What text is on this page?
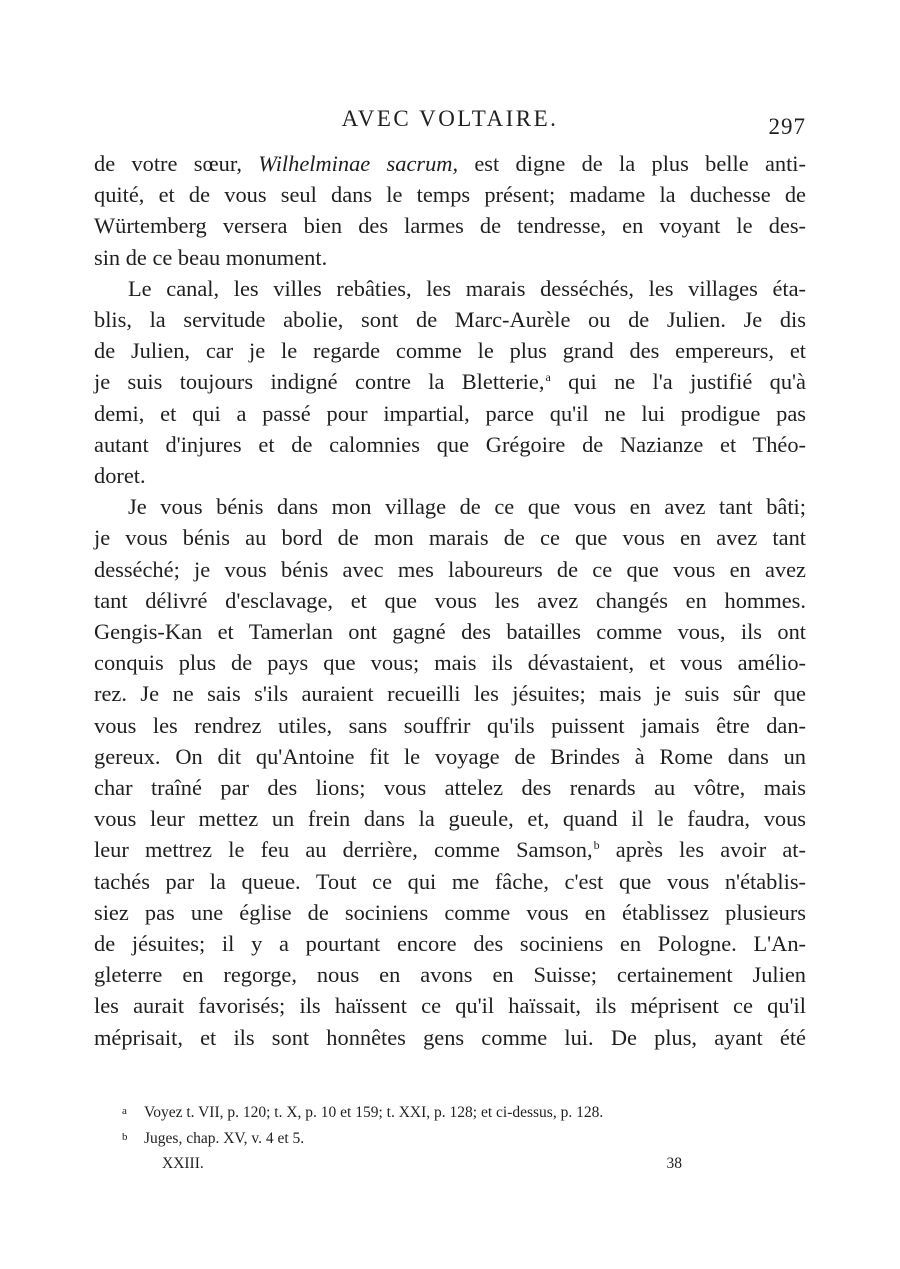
AVEC VOLTAIRE.	297
de votre sœur, Wilhelminae sacrum, est digne de la plus belle anti-
quité, et de vous seul dans le temps présent; madame la duchesse de
Würtemberg versera bien des larmes de tendresse, en voyant le des-
sin de ce beau monument.
Le canal, les villes rebâties, les marais desséchés, les villages éta-
blis, la servitude abolie, sont de Marc-Aurèle ou de Julien. Je dis
de Julien, car je le regarde comme le plus grand des empereurs, et
je suis toujours indigné contre la Bletterie,$^a$ qui ne l'a justifié qu'à
demi, et qui a passé pour impartial, parce qu'il ne lui prodigue pas
autant d'injures et de calomnies que Grégoire de Nazianze et Théo-
doret.
Je vous bénis dans mon village de ce que vous en avez tant bâti;
je vous bénis au bord de mon marais de ce que vous en avez tant
desséché; je vous bénis avec mes laboureurs de ce que vous en avez
tant délivré d'esclavage, et que vous les avez changés en hommes.
Gengis-Kan et Tamerlan ont gagné des batailles comme vous, ils ont
conquis plus de pays que vous; mais ils dévastaient, et vous amélio-
rez. Je ne sais s'ils auraient recueilli les jésuites; mais je suis sûr que
vous les rendrez utiles, sans souffrir qu'ils puissent jamais être dan-
gereux. On dit qu'Antoine fit le voyage de Brindes à Rome dans un
char traîné par des lions; vous attelez des renards au vôtre, mais
vous leur mettez un frein dans la gueule, et, quand il le faudra, vous
leur mettrez le feu au derrière, comme Samson,$^b$ après les avoir at-
tachés par la queue. Tout ce qui me fâche, c'est que vous n'établis-
siez pas une église de sociniens comme vous en établissez plusieurs
de jésuites; il y a pourtant encore des sociniens en Pologne. L'An-
gleterre en regorge, nous en avons en Suisse; certainement Julien
les aurait favorisés; ils haïssent ce qu'il haïssait, ils méprisent ce qu'il
méprisait, et ils sont honnêtes gens comme lui. De plus, ayant été
a Voyez t. VII, p. 120; t. X, p. 10 et 159; t. XXI, p. 128; et ci-dessus, p. 128.
b Juges, chap. XV, v. 4 et 5.
XXIII.	38
